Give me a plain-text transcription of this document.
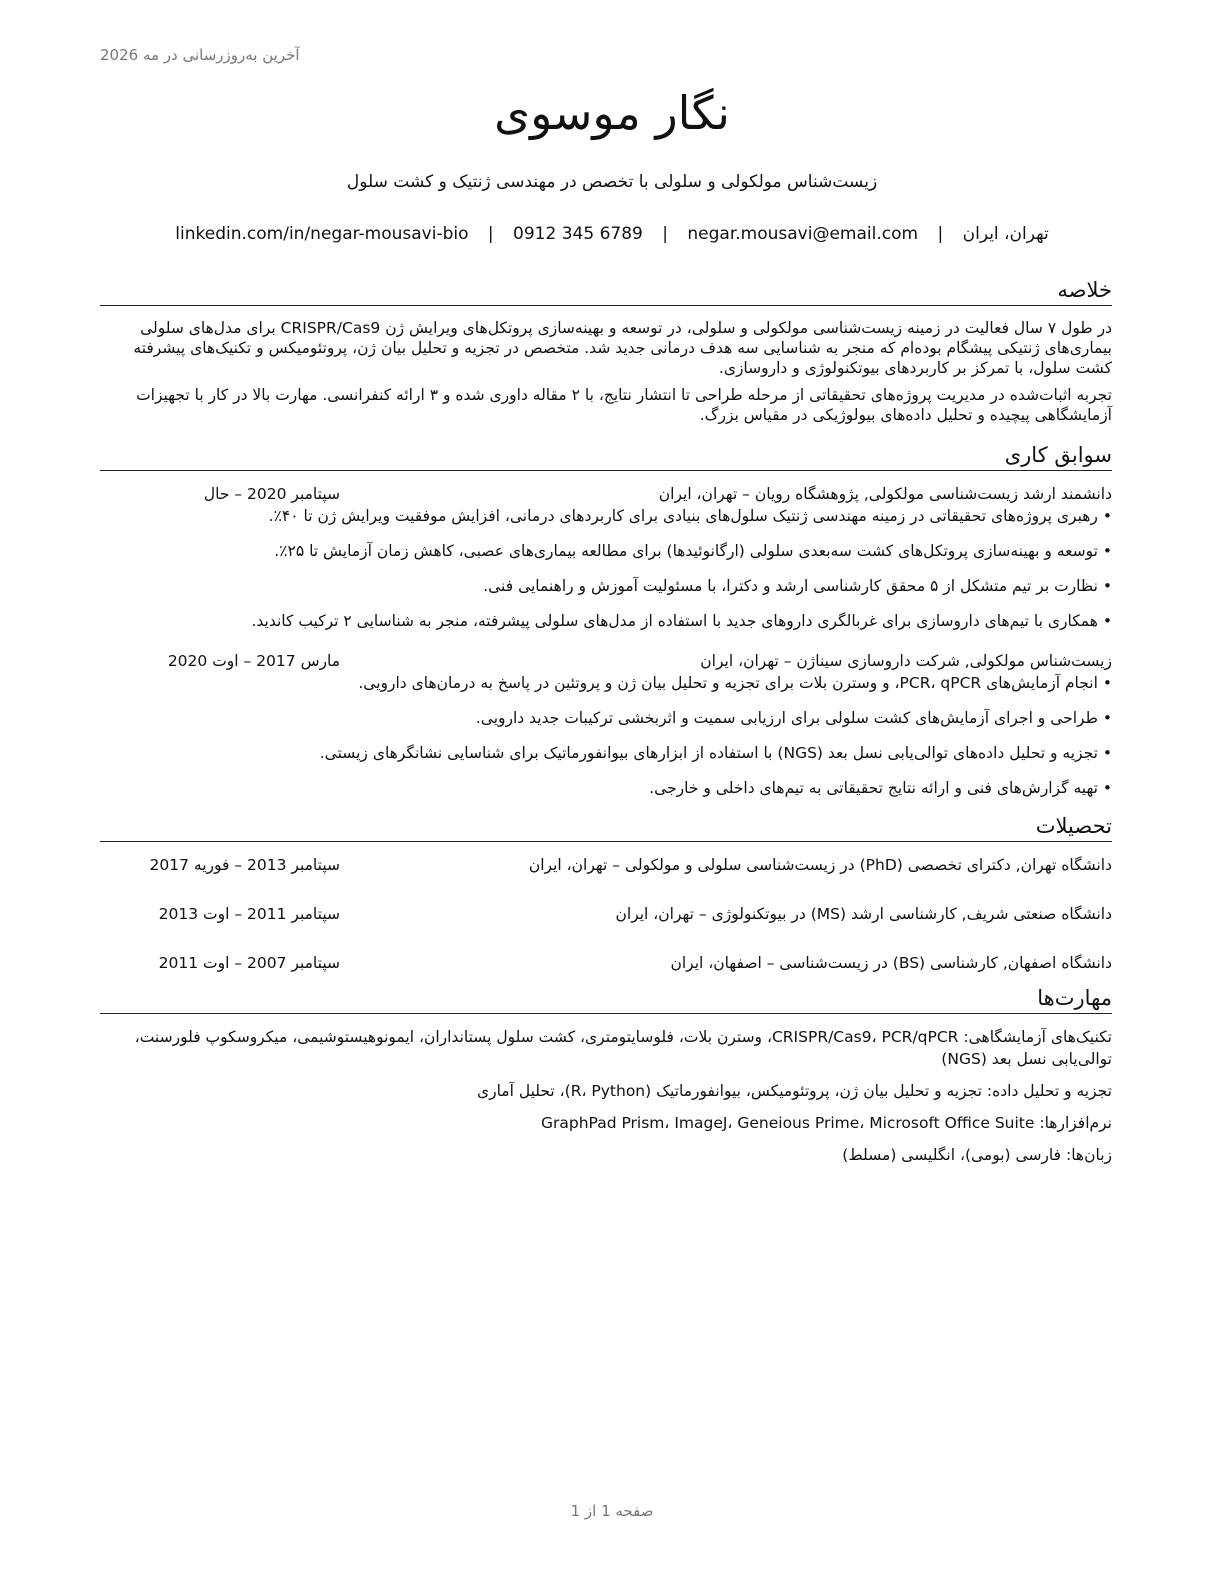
آخرین به‌روزرسانی در مه 2026
نگار موسوی
زیست‌شناس مولکولی و سلولی با تخصص در مهندسی ژنتیک و کشت سلول
تهران، ایران | negar.mousavi@email.com | 0912 345 6789 | linkedin.com/in/negar-mousavi-bio
خلاصه

در طول ۷ سال فعالیت در زمینه زیست‌شناسی مولکولی و سلولی، در توسعه و بهینه‌سازی پروتکل‌های ویرایش ژن CRISPR/Cas9 برای مدل‌های سلولی بیماری‌های ژنتیکی پیشگام بوده‌ام که منجر به شناسایی سه هدف درمانی جدید شد. متخصص در تجزیه و تحلیل بیان ژن، پروتئومیکس و تکنیک‌های پیشرفته کشت سلول، با تمرکز بر کاربردهای بیوتکنولوژی و داروسازی.

تجربه اثبات‌شده در مدیریت پروژه‌های تحقیقاتی از مرحله طراحی تا انتشار نتایج، با ۲ مقاله داوری شده و ۳ ارائه کنفرانسی. مهارت بالا در کار با تجهیزات آزمایشگاهی پیچیده و تحلیل داده‌های بیولوژیکی در مقیاس بزرگ.

سوابق کاری
دانشمند ارشد زیست‌شناسی مولکولی, پژوهشگاه رویان – تهران، ایران
سپتامبر 2020 – حال
• رهبری پروژه‌های تحقیقاتی در زمینه مهندسی ژنتیک سلول‌های بنیادی برای کاربردهای درمانی، افزایش موفقیت ویرایش ژن تا ۴۰٪.
• توسعه و بهینه‌سازی پروتکل‌های کشت سه‌بعدی سلولی (ارگانوئیدها) برای مطالعه بیماری‌های عصبی، کاهش زمان آزمایش تا ۲۵٪.
• نظارت بر تیم متشکل از ۵ محقق کارشناسی ارشد و دکترا، با مسئولیت آموزش و راهنمایی فنی.
• همکاری با تیم‌های داروسازی برای غربالگری داروهای جدید با استفاده از مدل‌های سلولی پیشرفته، منجر به شناسایی ۲ ترکیب کاندید.
زیست‌شناس مولکولی, شرکت داروسازی سیناژن – تهران، ایران
مارس 2017 – اوت 2020
• انجام آزمایش‌های PCR، qPCR، و وسترن بلات برای تجزیه و تحلیل بیان ژن و پروتئین در پاسخ به درمان‌های دارویی.
• طراحی و اجرای آزمایش‌های کشت سلولی برای ارزیابی سمیت و اثربخشی ترکیبات جدید دارویی.
• تجزیه و تحلیل داده‌های توالی‌یابی نسل بعد (NGS) با استفاده از ابزارهای بیوانفورماتیک برای شناسایی نشانگرهای زیستی.
• تهیه گزارش‌های فنی و ارائه نتایج تحقیقاتی به تیم‌های داخلی و خارجی.
تحصیلات
دانشگاه تهران, دکترای تخصصی (PhD) در زیست‌شناسی سلولی و مولکولی – تهران، ایران
سپتامبر 2013 – فوریه 2017
دانشگاه صنعتی شریف, کارشناسی ارشد (MS) در بیوتکنولوژی – تهران، ایران
سپتامبر 2011 – اوت 2013
دانشگاه اصفهان, کارشناسی (BS) در زیست‌شناسی – اصفهان، ایران
سپتامبر 2007 – اوت 2011
مهارت‌ها
تکنیک‌های آزمایشگاهی: CRISPR/Cas9، PCR/qPCR، وسترن بلات، فلوسایتومتری، کشت سلول پستانداران، ایمونوهیستوشیمی، میکروسکوپ فلورسنت، توالی‌یابی نسل بعد (NGS)
تجزیه و تحلیل داده: تجزیه و تحلیل بیان ژن، پروتئومیکس، بیوانفورماتیک (R، Python)، تحلیل آماری
نرم‌افزارها: GraphPad Prism، ImageJ، Geneious Prime، Microsoft Office Suite
زبان‌ها: فارسی (بومی)، انگلیسی (مسلط)
صفحه 1 از 1
